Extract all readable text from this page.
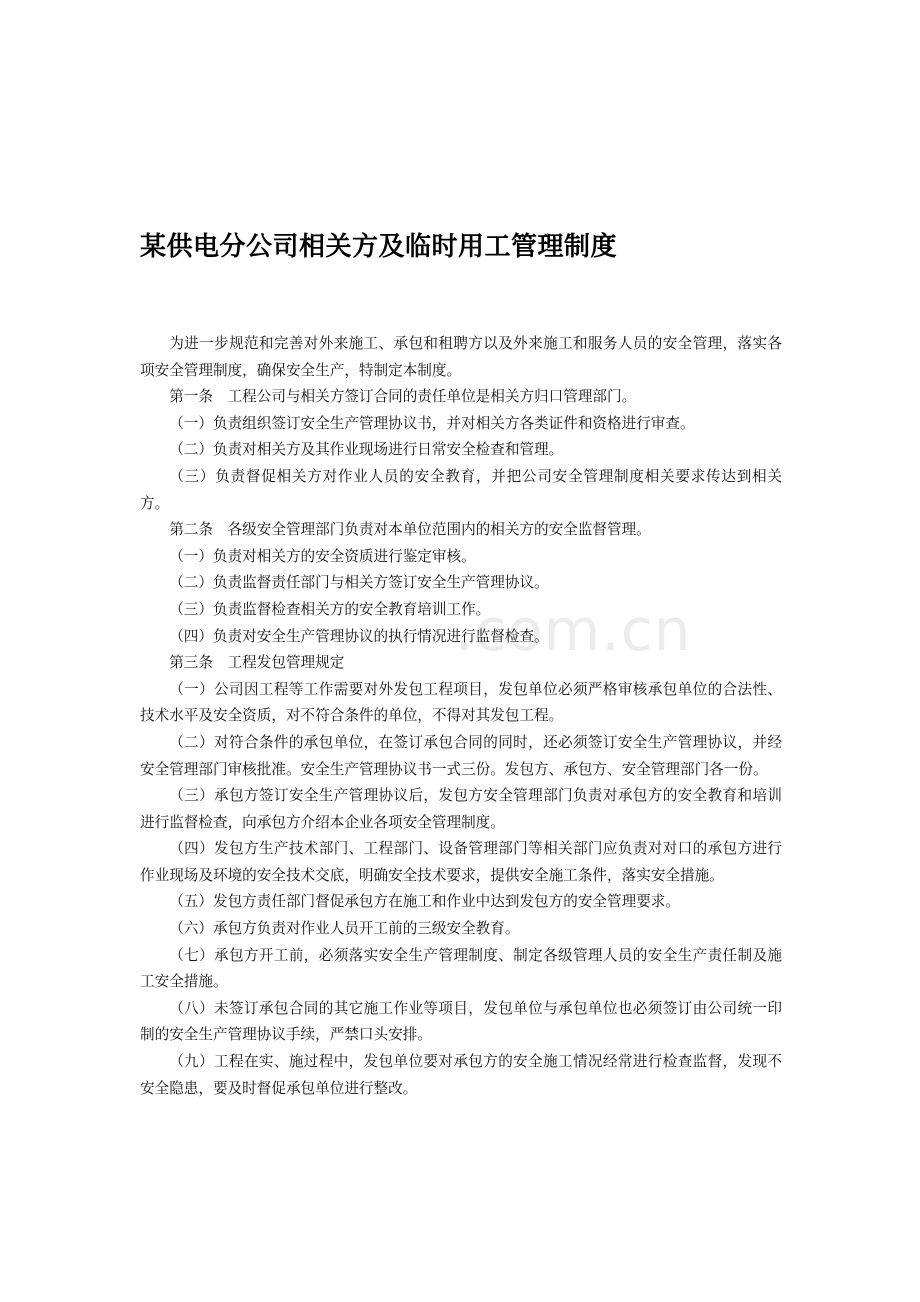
.com.cn
某供电分公司相关方及临时用工管理制度

为进一步规范和完善对外来施工、承包和租聘方以及外来施工和服务人员的安全管理，落实各项安全管理制度，确保安全生产，特制定本制度。

第一条　工程公司与相关方签订合同的责任单位是相关方归口管理部门。

（一）负责组织签订安全生产管理协议书，并对相关方各类证件和资格进行审查。

（二）负责对相关方及其作业现场进行日常安全检查和管理。

（三）负责督促相关方对作业人员的安全教育，并把公司安全管理制度相关要求传达到相关方。

第二条　各级安全管理部门负责对本单位范围内的相关方的安全监督管理。

（一）负责对相关方的安全资质进行鉴定审核。

（二）负责监督责任部门与相关方签订安全生产管理协议。

（三）负责监督检查相关方的安全教育培训工作。

（四）负责对安全生产管理协议的执行情况进行监督检查。

第三条　工程发包管理规定

（一）公司因工程等工作需要对外发包工程项目，发包单位必须严格审核承包单位的合法性、技术水平及安全资质，对不符合条件的单位，不得对其发包工程。

（二）对符合条件的承包单位，在签订承包合同的同时，还必须签订安全生产管理协议，并经安全管理部门审核批准。安全生产管理协议书一式三份。发包方、承包方、安全管理部门各一份。

（三）承包方签订安全生产管理协议后，发包方安全管理部门负责对承包方的安全教育和培训进行监督检查，向承包方介绍本企业各项安全管理制度。

（四）发包方生产技术部门、工程部门、设备管理部门等相关部门应负责对对口的承包方进行作业现场及环境的安全技术交底，明确安全技术要求，提供安全施工条件，落实安全措施。

（五）发包方责任部门督促承包方在施工和作业中达到发包方的安全管理要求。

（六）承包方负责对作业人员开工前的三级安全教育。

（七）承包方开工前，必须落实安全生产管理制度、制定各级管理人员的安全生产责任制及施工安全措施。

（八）未签订承包合同的其它施工作业等项目，发包单位与承包单位也必须签订由公司统一印制的安全生产管理协议手续，严禁口头安排。

（九）工程在实、施过程中，发包单位要对承包方的安全施工情况经常进行检查监督，发现不安全隐患，要及时督促承包单位进行整改。
